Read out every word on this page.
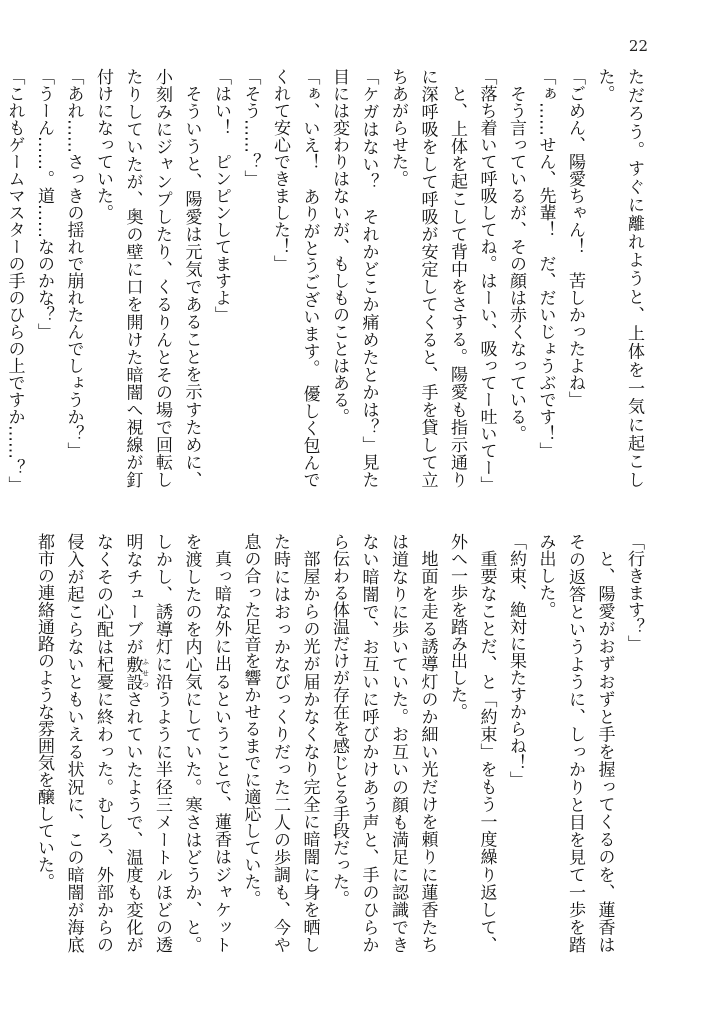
22

ただろう。すぐに離れようと、上体を一気に起こした。

「ごめん、陽愛ちゃん！　苦しかったよね」

「ぁ……せん、先輩！　だ、だいじょうぶです！」

そう言っているが、その顔は赤くなっている。

「落ち着いて呼吸してね。はーい、吸ってー吐いてー」

と、上体を起こして背中をさする。陽愛も指示通りに深呼吸をして呼吸が安定してくると、手を貸して立ちあがらせた。

「ケガはない？　それかどこか痛めたとかは？」見た目には変わりはないが、もしものことはある。

「ぁ、いえ！　ありがとうございます。　優しく包んでくれて安心できました！」

「そう……？」

「はい！　ピンピンしてますよ」

そういうと、陽愛は元気であることを示すために、小刻みにジャンプしたり、くるりんとその場で回転したりしていたが、奥の壁に口を開けた暗闇へ視線が釘付けになっていた。

「あれ……さっきの揺れで崩れたんでしょうか？」

「うーん……。道……なのかな？」

「これもゲームマスターの手のひらの上ですか……？」

「行きます？」

と、陽愛がおずおずと手を握ってくるのを、蓮香はその返答というように、しっかりと目を見て一歩を踏み出した。

「約束、絶対に果たすからね！」

重要なことだ、と「約束」をもう一度繰り返して、外へ一歩を踏み出した。

地面を走る誘導灯のか細い光だけを頼りに蓮香たちは道なりに歩いていた。お互いの顔も満足に認識できない暗闇で、お互いに呼びかけあう声と、手のひらから伝わる体温だけが存在を感じとる手段だった。

部屋からの光が届かなくなり完全に暗闇に身を晒した時にはおっかなびっくりだった二人の歩調も、今や息の合った足音を響かせるまでに適応していた。

真っ暗な外に出るということで、蓮香はジャケットを渡したのを内心気にしていた。寒さはどうか、と。しかし、誘導灯に沿うように半径三メートルほどの透明なチューブが敷設 ふせつされていたようで、温度も変化がなくその心配は杞憂に終わった。むしろ、外部からの侵入が起こらないともいえる状況に、この暗闇が海底都市の連絡通路のような雰囲気を醸していた。
